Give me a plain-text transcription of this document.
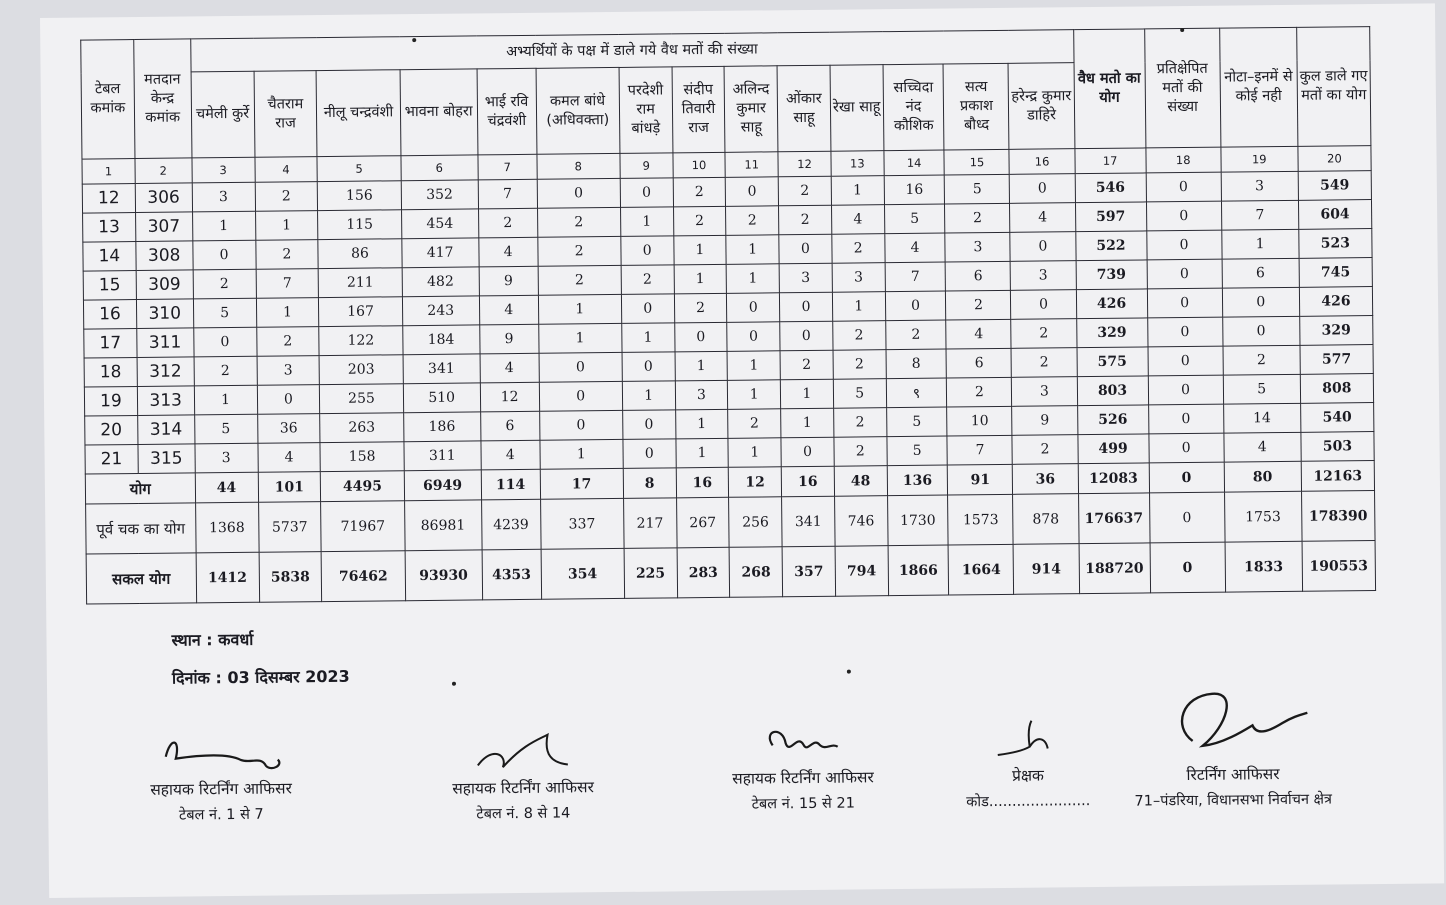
टेबल कमांक	मतदान केन्द्र कमांक	अभ्यर्थियों के पक्ष में डाले गये वैध मतों की संख्या														वैध मतो का योग	प्रतिक्षेपित मतों की संख्या	नोटा–इनमें से कोई नही	कुल डाले गए मतों का योग
		चमेली कुर्रे	चैतराम राज	नीलू चन्द्रवंशी	भावना बोहरा	भाई रवि चंद्रवंशी	कमल बांधे (अधिवक्ता)	परदेशी राम बांधड़े	संदीप तिवारी राज	अलिन्द कुमार साहू	ओंकार साहू	रेखा साहू	सच्चिदा नंद कौशिक	सत्य प्रकाश बौध्द	हरेन्द्र कुमार डाहिरे				
1	2	3	4	5	6	7	8	9	10	11	12	13	14	15	16	17	18	19	20
12	306	3	2	156	352	7	0	0	2	0	2	1	16	5	0	546	0	3	549
13	307	1	1	115	454	2	2	1	2	2	2	4	5	2	4	597	0	7	604
14	308	0	2	86	417	4	2	0	1	1	0	2	4	3	0	522	0	1	523
15	309	2	7	211	482	9	2	2	1	1	3	3	7	6	3	739	0	6	745
16	310	5	1	167	243	4	1	0	2	0	0	1	0	2	0	426	0	0	426
17	311	0	2	122	184	9	1	1	0	0	0	2	2	4	2	329	0	0	329
18	312	2	3	203	341	4	0	0	1	1	2	2	8	6	2	575	0	2	577
19	313	1	0	255	510	12	0	1	3	1	1	5	९	2	3	803	0	5	808
20	314	5	36	263	186	6	0	0	1	2	1	2	5	10	9	526	0	14	540
21	315	3	4	158	311	4	1	0	1	1	0	2	5	7	2	499	0	4	503
योग		44	101	4495	6949	114	17	8	16	12	16	48	136	91	36	12083	0	80	12163
पूर्व चक का योग		1368	5737	71967	86981	4239	337	217	267	256	341	746	1730	1573	878	176637	0	1753	178390
सकल योग		1412	5838	76462	93930	4353	354	225	283	268	357	794	1866	1664	914	188720	0	1833	190553
स्थान : कवर्धा
दिनांक : 03 दिसम्बर 2023
सहायक रिटर्निंग आफिसर
टेबल नं. 1 से 7
सहायक रिटर्निंग आफिसर
टेबल नं. 8 से 14
सहायक रिटर्निंग आफिसर
टेबल नं. 15 से 21
प्रेक्षक
कोड......................
रिटर्निंग आफिसर
71–पंडरिया, विधानसभा निर्वाचन क्षेत्र
